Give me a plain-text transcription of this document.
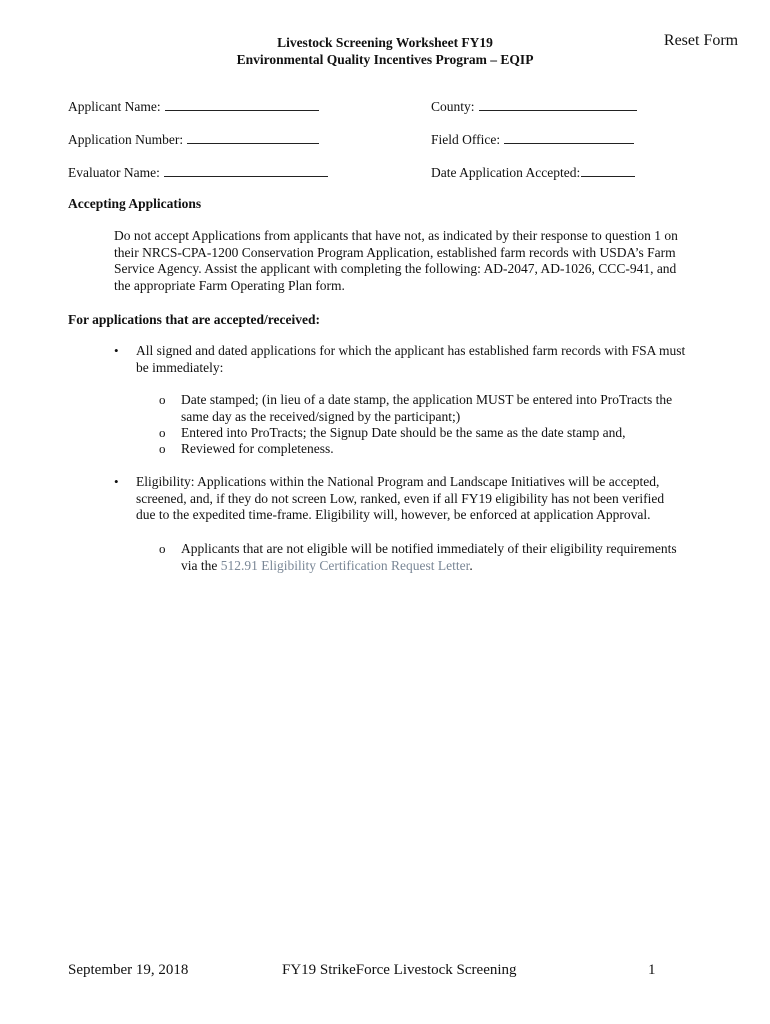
Reset Form
Livestock Screening Worksheet FY19
Environmental Quality Incentives Program – EQIP
Applicant Name:	County:
Application Number:	Field Office:
Evaluator Name:	Date Application Accepted:
Accepting Applications
Do not accept Applications from applicants that have not, as indicated by their response to question 1 on
their NRCS-CPA-1200 Conservation Program Application, established farm records with USDA’s Farm
Service Agency. Assist the applicant with completing the following: AD-2047, AD-1026, CCC-941, and
the appropriate Farm Operating Plan form.
For applications that are accepted/received:
• All signed and dated applications for which the applicant has established farm records with FSA must
be immediately:
o Date stamped; (in lieu of a date stamp, the application MUST be entered into ProTracts the
same day as the received/signed by the participant;)
o Entered into ProTracts; the Signup Date should be the same as the date stamp and,
o Reviewed for completeness.
• Eligibility: Applications within the National Program and Landscape Initiatives will be accepted,
screened, and, if they do not screen Low, ranked, even if all FY19 eligibility has not been verified
due to the expedited time-frame. Eligibility will, however, be enforced at application Approval.
o Applicants that are not eligible will be notified immediately of their eligibility requirements
via the 512.91 Eligibility Certification Request Letter.
September 19, 2018	FY19 StrikeForce Livestock Screening	1
